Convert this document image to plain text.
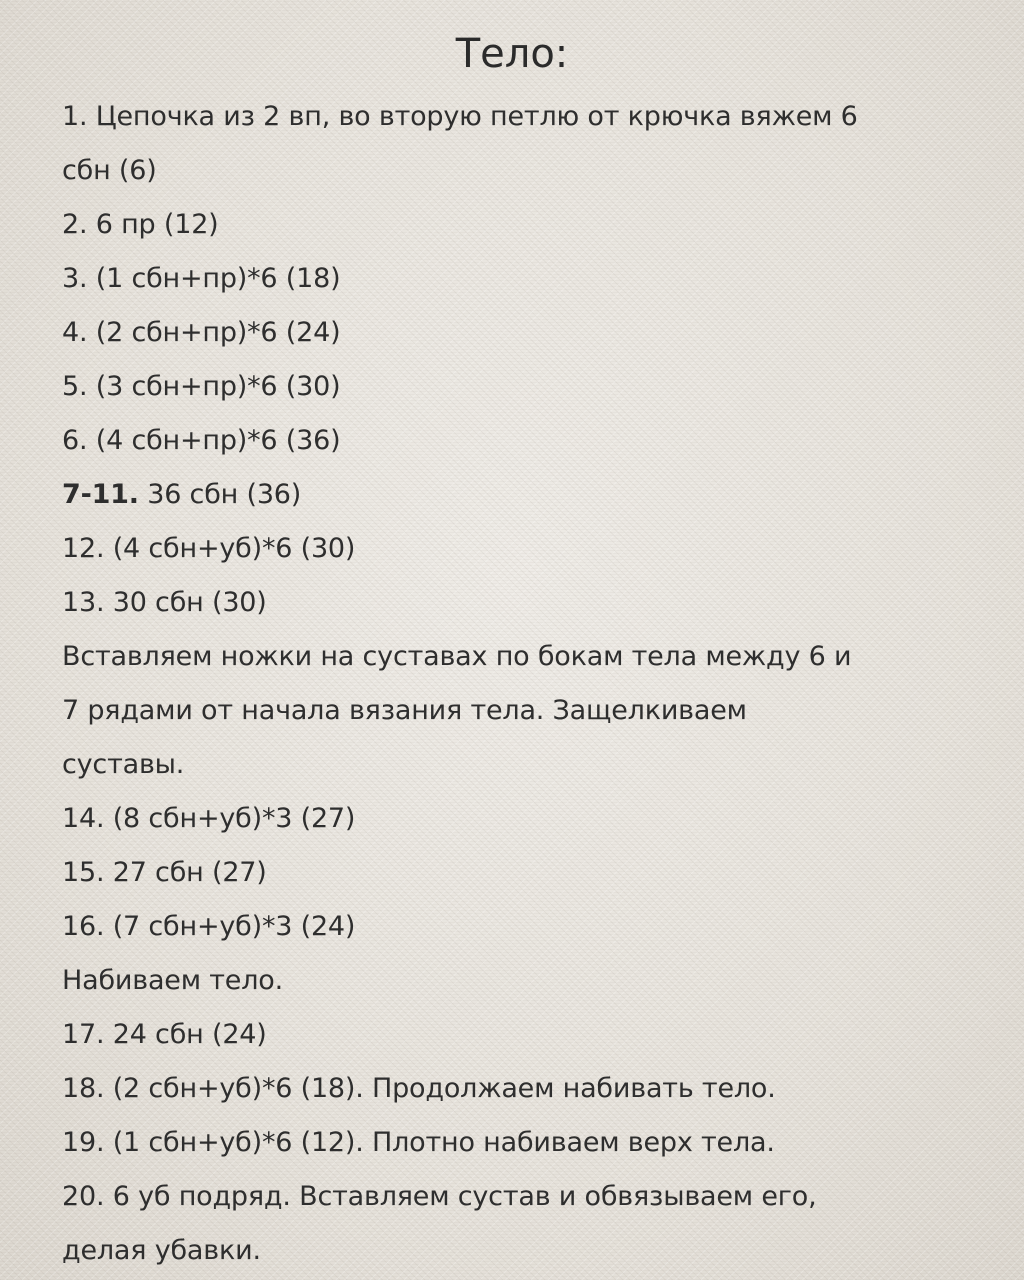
Тело:
1. Цепочка из 2 вп, во вторую петлю от крючка вяжем 6
сбн (6)
2. 6 пр (12)
3. (1 сбн+пр)*6 (18)
4. (2 сбн+пр)*6 (24)
5. (3 сбн+пр)*6 (30)
6. (4 сбн+пр)*6 (36)
7-11. 36 сбн (36)
12. (4 сбн+уб)*6 (30)
13. 30 сбн (30)
Вставляем ножки на суставах по бокам тела между 6 и
7 рядами от начала вязания тела. Защелкиваем
суставы.
14. (8 сбн+уб)*3 (27)
15. 27 сбн (27)
16. (7 сбн+уб)*3 (24)
Набиваем тело.
17. 24 сбн (24)
18. (2 сбн+уб)*6 (18). Продолжаем набивать тело.
19. (1 сбн+уб)*6 (12). Плотно набиваем верх тела.
20. 6 уб подряд. Вставляем сустав и обвязываем его,
делая убавки.
